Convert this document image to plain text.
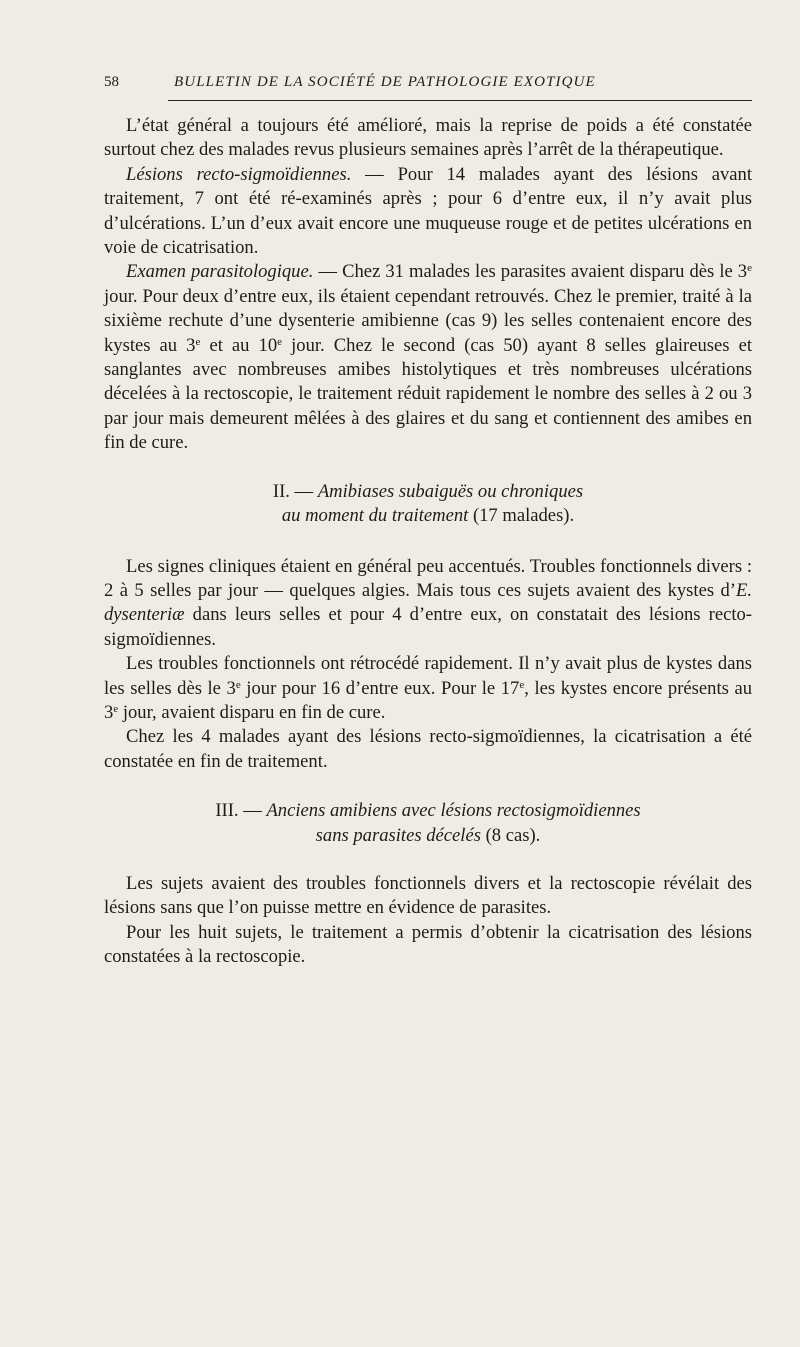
58	BULLETIN DE LA SOCIÉTÉ DE PATHOLOGIE EXOTIQUE

L’état général a toujours été amélioré, mais la reprise de poids a été constatée surtout chez des malades revus plusieurs semaines après l’arrêt de la thérapeutique.

Lésions recto-sigmoïdiennes. — Pour 14 malades ayant des lésions avant traitement, 7 ont été ré-examinés après ; pour 6 d’entre eux, il n’y avait plus d’ulcérations. L’un d’eux avait encore une muqueuse rouge et de petites ulcérations en voie de cicatrisation.

Examen parasitologique. — Chez 31 malades les parasites avaient disparu dès le 3e jour. Pour deux d’entre eux, ils étaient cependant retrouvés. Chez le premier, traité à la sixième rechute d’une dysenterie amibienne (cas 9) les selles contenaient encore des kystes au 3e et au 10e jour. Chez le second (cas 50) ayant 8 selles glaireuses et sanglantes avec nombreuses amibes histolytiques et très nombreuses ulcérations décelées à la rectoscopie, le traitement réduit rapidement le nombre des selles à 2 ou 3 par jour mais demeurent mêlées à des glaires et du sang et contiennent des amibes en fin de cure.

II. — Amibiases subaiguës ou chroniques
au moment du traitement (17 malades).

Les signes cliniques étaient en général peu accentués. Troubles fonctionnels divers : 2 à 5 selles par jour — quelques algies. Mais tous ces sujets avaient des kystes d’E. dysenteriæ dans leurs selles et pour 4 d’entre eux, on constatait des lésions recto-sigmoïdiennes.

Les troubles fonctionnels ont rétrocédé rapidement. Il n’y avait plus de kystes dans les selles dès le 3e jour pour 16 d’entre eux. Pour le 17e, les kystes encore présents au 3e jour, avaient disparu en fin de cure.

Chez les 4 malades ayant des lésions recto-sigmoïdiennes, la cicatrisation a été constatée en fin de traitement.

III. — Anciens amibiens avec lésions rectosigmoïdiennes
sans parasites décelés (8 cas).

Les sujets avaient des troubles fonctionnels divers et la rectoscopie révélait des lésions sans que l’on puisse mettre en évidence de parasites.

Pour les huit sujets, le traitement a permis d’obtenir la cicatrisation des lésions constatées à la rectoscopie.
